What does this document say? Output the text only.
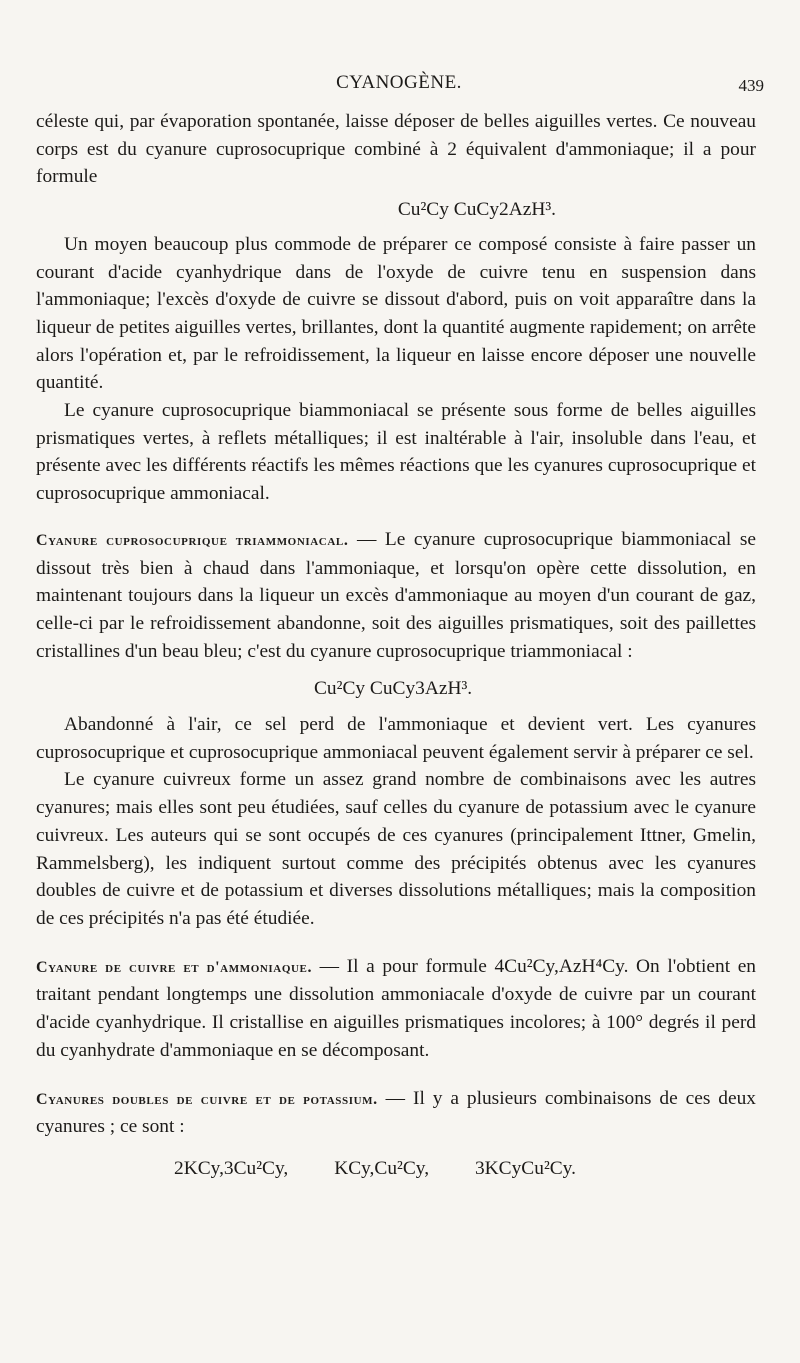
CYANOGÈNE.	439

céleste qui, par évaporation spontanée, laisse déposer de belles aiguilles vertes. Ce nouveau corps est du cyanure cuprosocuprique combiné à 2 équivalent d'ammoniaque; il a pour formule

Cu²Cy CuCy2AzH³.

Un moyen beaucoup plus commode de préparer ce composé consiste à faire passer un courant d'acide cyanhydrique dans de l'oxyde de cuivre tenu en suspension dans l'ammoniaque; l'excès d'oxyde de cuivre se dissout d'abord, puis on voit apparaître dans la liqueur de petites aiguilles vertes, brillantes, dont la quantité augmente rapidement; on arrête alors l'opération et, par le refroidissement, la liqueur en laisse encore déposer une nouvelle quantité.

Le cyanure cuprosocuprique biammoniacal se présente sous forme de belles aiguilles prismatiques vertes, à reflets métalliques; il est inaltérable à l'air, insoluble dans l'eau, et présente avec les différents réactifs les mêmes réactions que les cyanures cuprosocuprique et cuprosocuprique ammoniacal.

Cyanure cuprosocuprique triammoniacal. — Le cyanure cuprosocuprique biammoniacal se dissout très bien à chaud dans l'ammoniaque, et lorsqu'on opère cette dissolution, en maintenant toujours dans la liqueur un excès d'ammoniaque au moyen d'un courant de gaz, celle-ci par le refroidissement abandonne, soit des aiguilles prismatiques, soit des paillettes cristallines d'un beau bleu; c'est du cyanure cuprosocuprique triammoniacal :

Cu²Cy CuCy3AzH³.

Abandonné à l'air, ce sel perd de l'ammoniaque et devient vert. Les cyanures cuprosocuprique et cuprosocuprique ammoniacal peuvent également servir à préparer ce sel.

Le cyanure cuivreux forme un assez grand nombre de combinaisons avec les autres cyanures; mais elles sont peu étudiées, sauf celles du cyanure de potassium avec le cyanure cuivreux. Les auteurs qui se sont occupés de ces cyanures (principalement Ittner, Gmelin, Rammelsberg), les indiquent surtout comme des précipités obtenus avec les cyanures doubles de cuivre et de potassium et diverses dissolutions métalliques; mais la composition de ces précipités n'a pas été étudiée.

Cyanure de cuivre et d'ammoniaque. — Il a pour formule 4Cu²Cy,AzH⁴Cy. On l'obtient en traitant pendant longtemps une dissolution ammoniacale d'oxyde de cuivre par un courant d'acide cyanhydrique. Il cristallise en aiguilles prismatiques incolores; à 100° degrés il perd du cyanhydrate d'ammoniaque en se décomposant.

Cyanures doubles de cuivre et de potassium. — Il y a plusieurs combinaisons de ces deux cyanures ; ce sont :

2KCy,3Cu²Cy, KCy,Cu²Cy, 3KCyCu²Cy.
